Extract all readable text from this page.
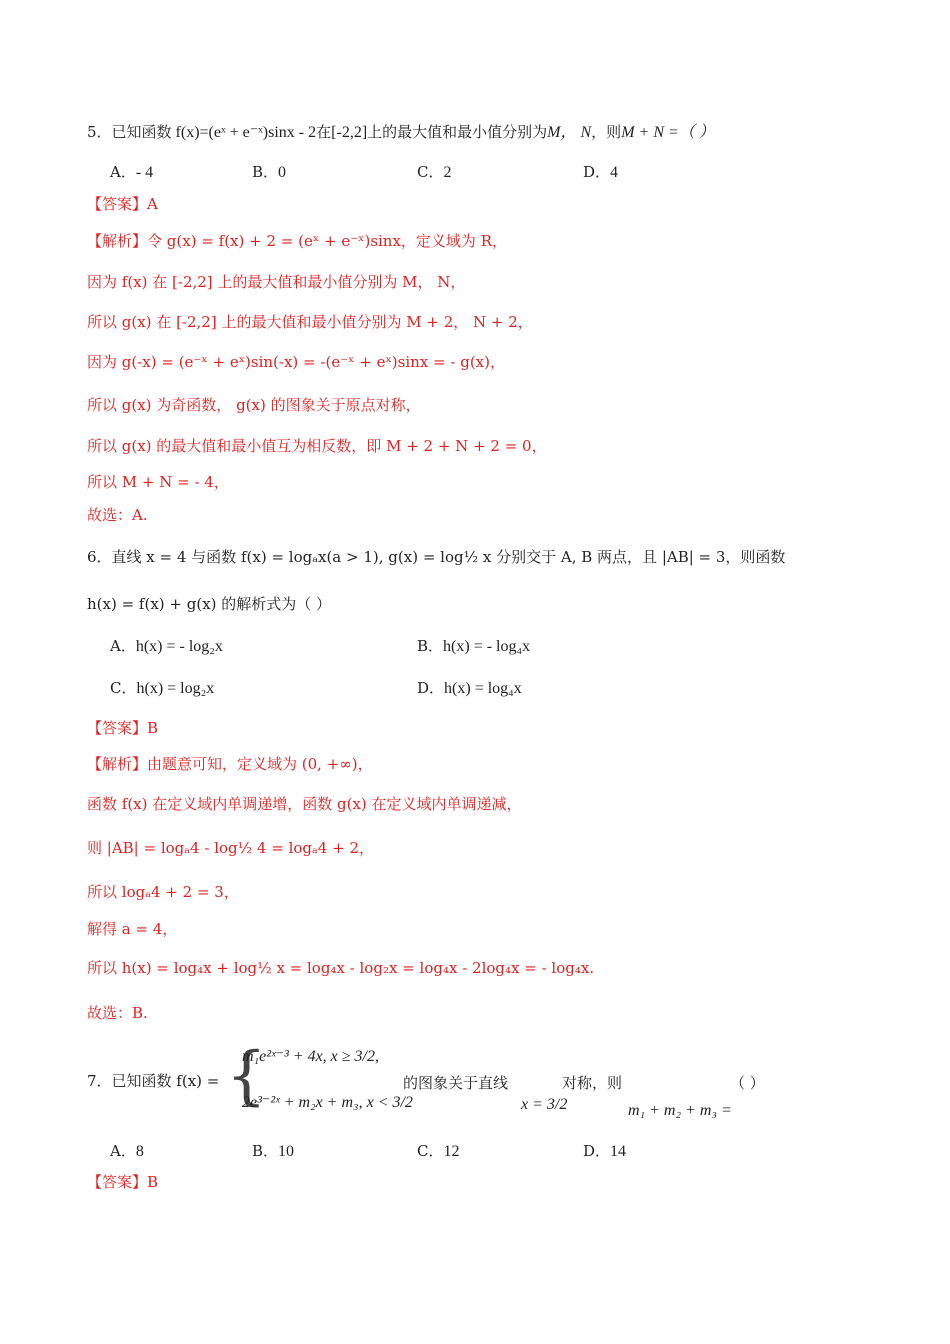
5．已知函数 f(x)=(eˣ + e⁻ˣ)sinx - 2在[-2,2]上的最大值和最小值分别为M， N，则M + N =（ ）
A．- 4	B．0	C．2	D．4
【答案】A
【解析】令 g(x) = f(x) + 2 = (eˣ + e⁻ˣ)sinx，定义域为 R，
因为 f(x) 在 [-2,2] 上的最大值和最小值分别为 M， N，
所以 g(x) 在 [-2,2] 上的最大值和最小值分别为 M + 2， N + 2，
因为 g(-x) = (e⁻ˣ + eˣ)sin(-x) = -(e⁻ˣ + eˣ)sinx = - g(x)，
所以 g(x) 为奇函数， g(x) 的图象关于原点对称，
所以 g(x) 的最大值和最小值互为相反数，即 M + 2 + N + 2 = 0，
所以 M + N = - 4，
故选：A.
6．直线 x = 4 与函数 f(x) = logₐx(a > 1), g(x) = log½ x 分别交于 A, B 两点，且 |AB| = 3，则函数
h(x) = f(x) + g(x) 的解析式为（ ）
A．h(x) = - log₂x	B．h(x) = - log₄x
C．h(x) = log₂x	D．h(x) = log₄x
【答案】B
【解析】由题意可知，定义域为 (0, +∞)，
函数 f(x) 在定义域内单调递增，函数 g(x) 在定义域内单调递减，
则 |AB| = logₐ4 - log½ 4 = logₐ4 + 2，
所以 logₐ4 + 2 = 3，
解得 a = 4，
所以 h(x) = log₄x + log½ x = log₄x - log₂x = log₄x - 2log₄x = - log₄x.
故选：B.
7．已知函数 f(x) = {
m₁e²ˣ⁻³ + 4x, x ≥ 3/2,
2e³⁻²ˣ + m₂x + m₃, x < 3/2
的图象关于直线
x = 3/2
对称，则
m₁ + m₂ + m₃ =
（ ）
A．8	B．10	C．12	D．14
【答案】B
